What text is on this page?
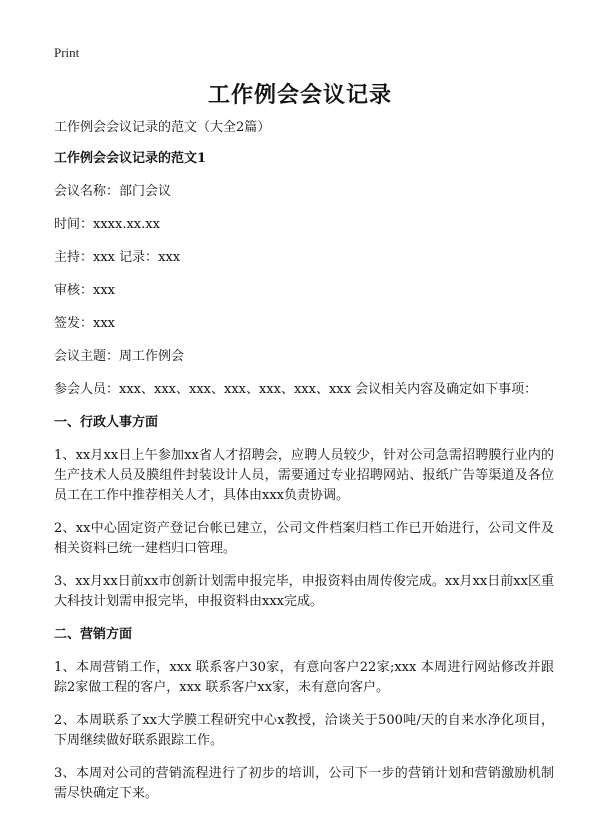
Print
工作例会会议记录

工作例会会议记录的范文（大全2篇）

工作例会会议记录的范文1

会议名称：部门会议

时间：xxxx.xx.xx

主持：xxx 记录：xxx

审核：xxx

签发：xxx

会议主题：周工作例会

参会人员：xxx、xxx、xxx、xxx、xxx、xxx、xxx 会议相关内容及确定如下事项：

一、行政人事方面

1、xx月xx日上午参加xx省人才招聘会，应聘人员较少，针对公司急需招聘膜行业内的生产技术人员及膜组件封装设计人员，需要通过专业招聘网站、报纸广告等渠道及各位员工在工作中推荐相关人才，具体由xxx负责协调。

2、xx中心固定资产登记台帐已建立，公司文件档案归档工作已开始进行，公司文件及相关资料已统一建档归口管理。

3、xx月xx日前xx市创新计划需申报完毕，申报资料由周传俊完成。xx月xx日前xx区重大科技计划需申报完毕，申报资料由xxx完成。

二、营销方面

1、本周营销工作，xxx 联系客户30家，有意向客户22家;xxx 本周进行网站修改并跟踪2家做工程的客户，xxx 联系客户xx家，未有意向客户。

2、本周联系了xx大学膜工程研究中心x教授，洽谈关于500吨/天的自来水净化项目，下周继续做好联系跟踪工作。

3、本周对公司的营销流程进行了初步的培训，公司下一步的营销计划和营销激励机制需尽快确定下来。
